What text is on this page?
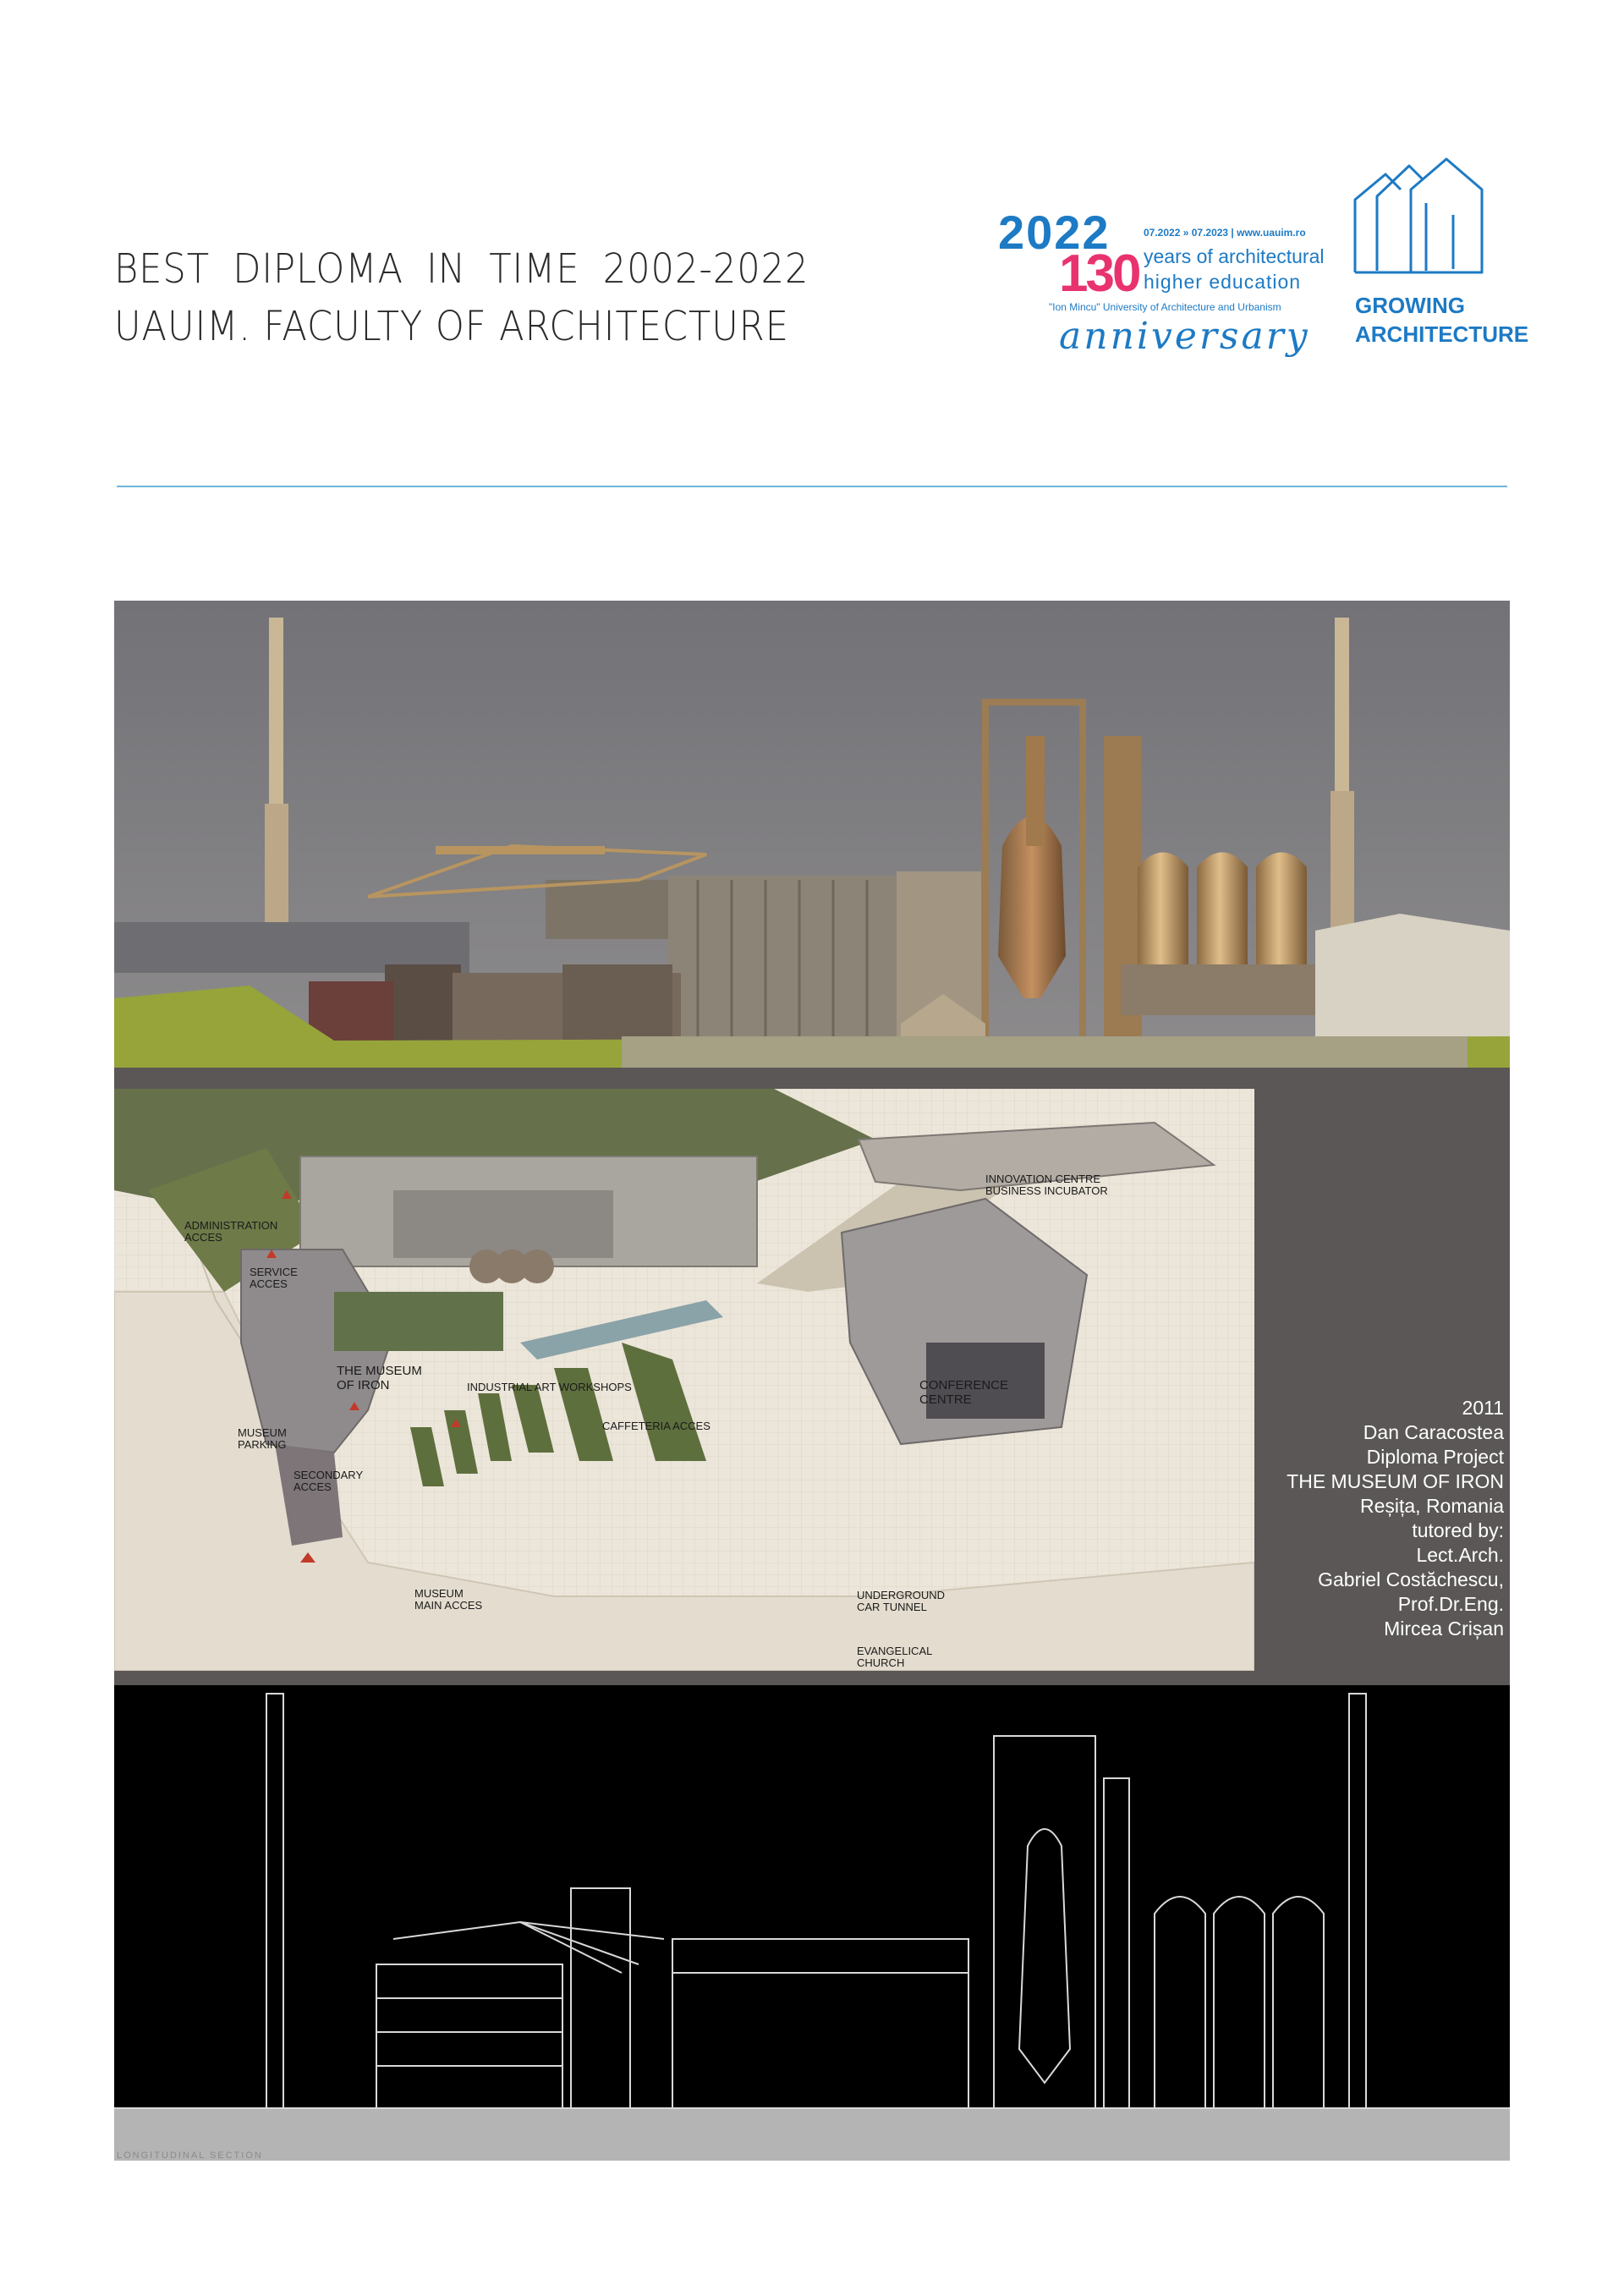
BEST DIPLOMA IN TIME 2002-2022
UAUIM. FACULTY OF ARCHITECTURE
2022
130
07.2022 » 07.2023 | www.uauim.ro
years of architectural
higher education
"Ion Mincu" University of Architecture and Urbanism
anniversary
GROWING
ARCHITECTURE
INNOVATION CENTRE
BUSINESS INCUBATOR
ADMINISTRATION
ACCES
SERVICE
ACCES
THE MUSEUM
OF IRON	INDUSTRIAL ART WORKSHOPS	CONFERENCE
CENTRE
CAFFETERIA ACCES
MUSEUM
PARKING
SECONDARY
ACCES
MUSEUM
MAIN ACCES
UNDERGROUND
CAR TUNNEL
EVANGELICAL
CHURCH
2011
Dan Caracostea
Diploma Project
THE MUSEUM OF IRON
Reșița, Romania
tutored by:
Lect.Arch.
Gabriel Costăchescu,
Prof.Dr.Eng.
Mircea Crișan
LONGITUDINAL SECTION
